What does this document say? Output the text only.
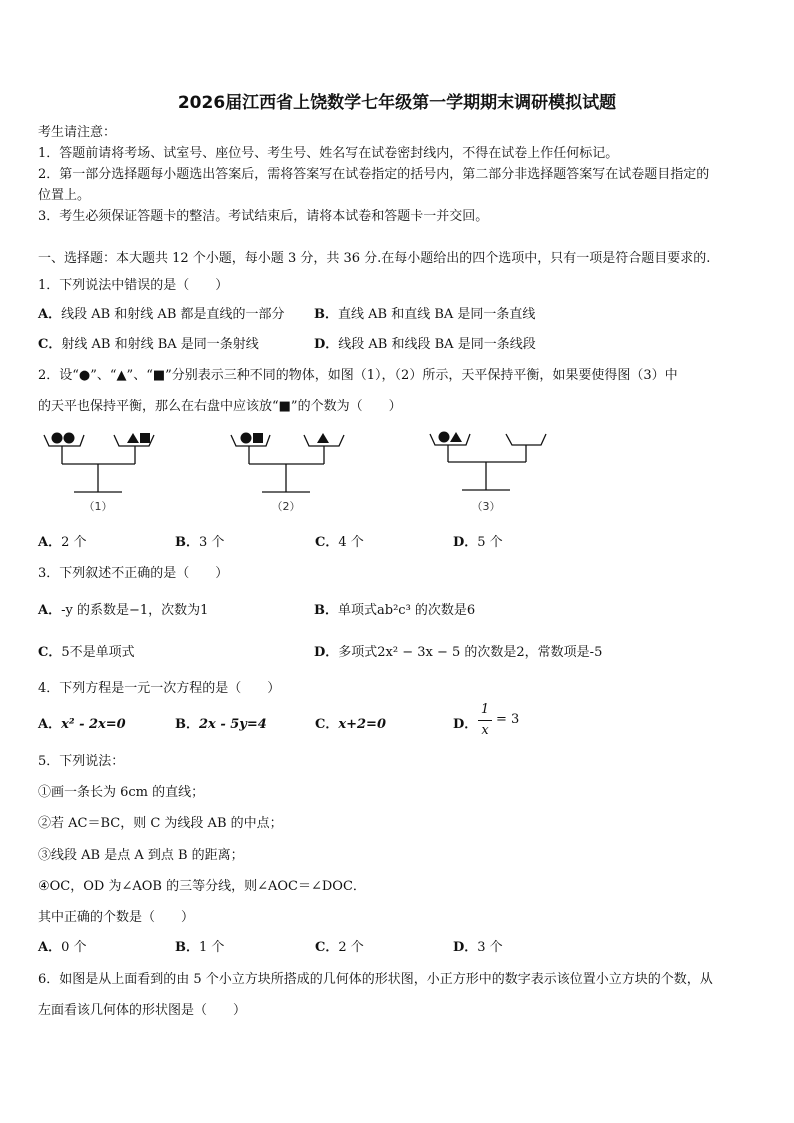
2026届江西省上饶数学七年级第一学期期末调研模拟试题
考生请注意：
1．答题前请将考场、试室号、座位号、考生号、姓名写在试卷密封线内，不得在试卷上作任何标记。
2．第一部分选择题每小题选出答案后，需将答案写在试卷指定的括号内，第二部分非选择题答案写在试卷题目指定的
位置上。
3．考生必须保证答题卡的整洁。考试结束后，请将本试卷和答题卡一并交回。
一、选择题：本大题共 12 个小题，每小题 3 分，共 36 分.在每小题给出的四个选项中，只有一项是符合题目要求的.
1．下列说法中错误的是（　　）
A．线段 AB 和射线 AB 都是直线的一部分 B．直线 AB 和直线 BA 是同一条直线
C．射线 AB 和射线 BA 是同一条射线	D．线段 AB 和线段 BA 是同一条线段
2．设“●”、“▲”、“■”分别表示三种不同的物体，如图（1），（2）所示，天平保持平衡，如果要使得图（3）中
的天平也保持平衡，那么在右盘中应该放“■”的个数为（　　）
（1）	（2）	（3）
A．2 个	B．3 个	C．4 个	D．5 个
3．下列叙述不正确的是（　　）
A．-y 的系数是−1，次数为1	B．单项式ab²c³ 的次数是6
C．5不是单项式	D．多项式2x² − 3x − 5 的次数是2，常数项是-5
4．下列方程是一元一次方程的是（　　）
A．x² - 2x=0	B．2x - 5y=4	C．x+2=0	D．
1
x
= 3
5．下列说法：
①画一条长为 6cm 的直线；
②若 AC＝BC，则 C 为线段 AB 的中点；
③线段 AB 是点 A 到点 B 的距离；
④OC，OD 为∠AOB 的三等分线，则∠AOC＝∠DOC．
其中正确的个数是（　　）
A．0 个	B．1 个	C．2 个	D．3 个
6．如图是从上面看到的由 5 个小立方块所搭成的几何体的形状图，小正方形中的数字表示该位置小立方块的个数，从
左面看该几何体的形状图是（　　）
